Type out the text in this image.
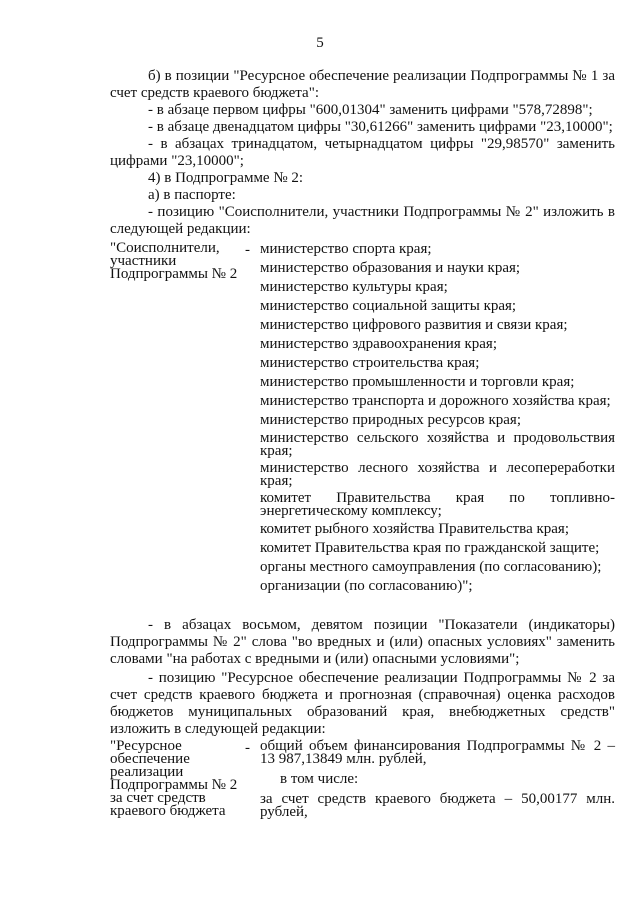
5
б) в позиции "Ресурсное обеспечение реализации Подпрограммы № 1 за счет средств краевого бюджета":
- в абзаце первом цифры "600,01304" заменить цифрами "578,72898";
- в абзаце двенадцатом цифры "30,61266" заменить цифрами "23,10000";
- в абзацах тринадцатом, четырнадцатом цифры "29,98570" заменить цифрами "23,10000";
4) в Подпрограмме № 2:
а) в паспорте:
- позицию "Соисполнители, участники Подпрограммы № 2" изложить в следующей редакции:
"Соисполнители, участники Подпрограммы № 2
- министерство спорта края;
министерство образования и науки края;
министерство культуры края;
министерство социальной защиты края;
министерство цифрового развития и связи края;
министерство здравоохранения края;
министерство строительства края;
министерство промышленности и торговли края;
министерство транспорта и дорожного хозяйства края;
министерство природных ресурсов края;
министерство сельского хозяйства и продовольствия края;
министерство лесного хозяйства и лесопереработки края;
комитет Правительства края по топливно-энергетическому комплексу;
комитет рыбного хозяйства Правительства края;
комитет Правительства края по гражданской защите;
органы местного самоуправления (по согласованию);
организации (по согласованию)";
- в абзацах восьмом, девятом позиции "Показатели (индикаторы) Подпрограммы № 2" слова "во вредных и (или) опасных условиях" заменить словами "на работах с вредными и (или) опасными условиями";
- позицию "Ресурсное обеспечение реализации Подпрограммы № 2 за счет средств краевого бюджета и прогнозная (справочная) оценка расходов бюджетов муниципальных образований края, внебюджетных средств" изложить в следующей редакции:
"Ресурсное обеспечение реализации Подпрограммы № 2 за счет средств краевого бюджета
- общий объем финансирования Подпрограммы № 2 – 13 987,13849 млн. рублей,
в том числе:
за счет средств краевого бюджета – 50,00177 млн. рублей,
